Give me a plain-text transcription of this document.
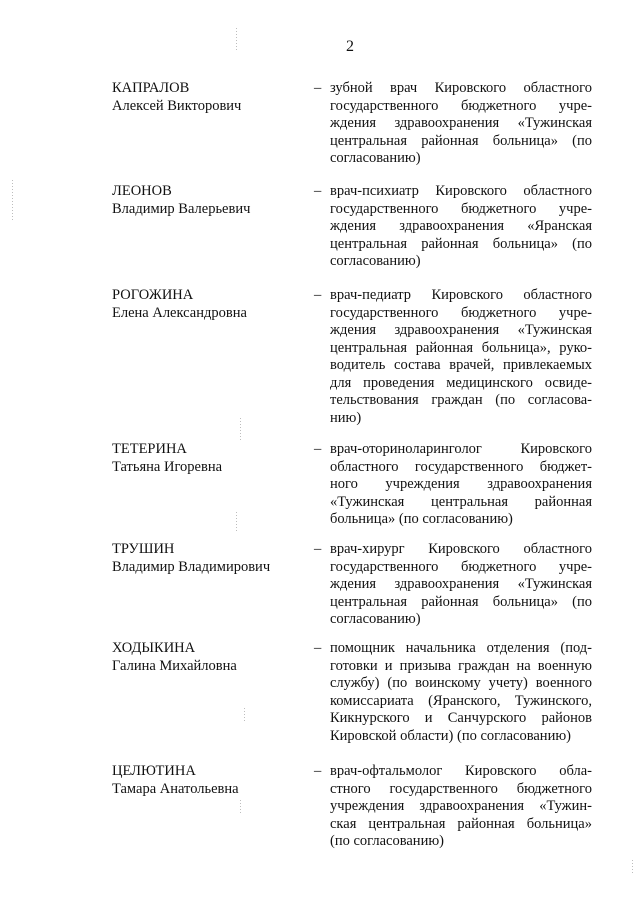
2
КАПРАЛОВ
Алексей Викторович
– зубной врач Кировского областного
государственного бюджетного учре-
ждения здравоохранения «Тужинская
центральная районная больница» (по
согласованию)
ЛЕОНОВ
Владимир Валерьевич
– врач-психиатр Кировского областного
государственного бюджетного учре-
ждения здравоохранения «Яранская
центральная районная больница» (по
согласованию)
РОГОЖИНА
Елена Александровна
– врач-педиатр Кировского областного
государственного бюджетного учре-
ждения здравоохранения «Тужинская
центральная районная больница», руко-
водитель состава врачей, привлекаемых
для проведения медицинского освиде-
тельствования граждан (по согласова-
нию)
ТЕТЕРИНА
Татьяна Игоревна
– врач-оториноларинголог Кировского
областного государственного бюджет-
ного учреждения здравоохранения
«Тужинская центральная районная
больница» (по согласованию)
ТРУШИН
Владимир Владимирович
– врач-хирург Кировского областного
государственного бюджетного учре-
ждения здравоохранения «Тужинская
центральная районная больница» (по
согласованию)
ХОДЫКИНА
Галина Михайловна
– помощник начальника отделения (под-
готовки и призыва граждан на военную
службу) (по воинскому учету) военного
комиссариата (Яранского, Тужинского,
Кикнурского и Санчурского районов
Кировской области) (по согласованию)
ЦЕЛЮТИНА
Тамара Анатольевна
– врач-офтальмолог Кировского обла-
стного государственного бюджетного
учреждения здравоохранения «Тужин-
ская центральная районная больница»
(по согласованию)
